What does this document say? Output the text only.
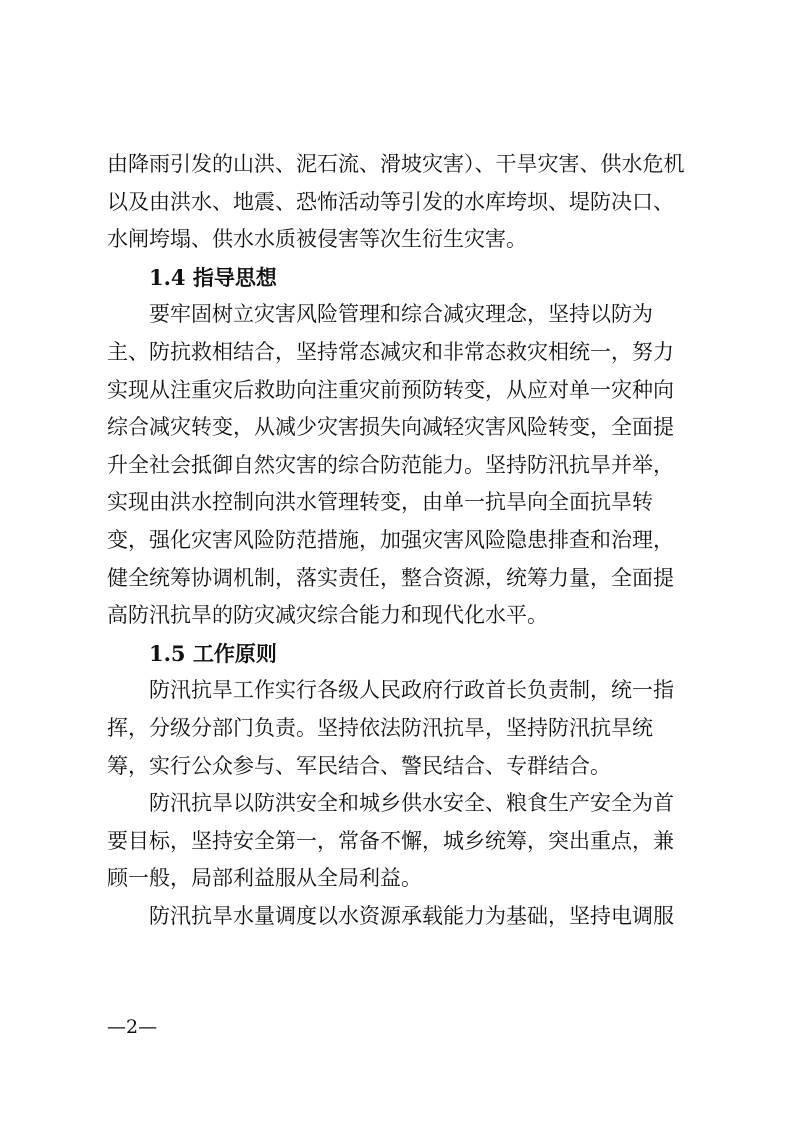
由降雨引发的山洪、泥石流、滑坡灾害）、干旱灾害、供水危机以及由洪水、地震、恐怖活动等引发的水库垮坝、堤防决口、水闸垮塌、供水水质被侵害等次生衍生灾害。

1.4 指导思想

要牢固树立灾害风险管理和综合减灾理念，坚持以防为主、防抗救相结合，坚持常态减灾和非常态救灾相统一，努力实现从注重灾后救助向注重灾前预防转变，从应对单一灾种向综合减灾转变，从减少灾害损失向减轻灾害风险转变，全面提升全社会抵御自然灾害的综合防范能力。坚持防汛抗旱并举，实现由洪水控制向洪水管理转变，由单一抗旱向全面抗旱转变，强化灾害风险防范措施，加强灾害风险隐患排查和治理，健全统筹协调机制，落实责任，整合资源，统筹力量，全面提高防汛抗旱的防灾减灾综合能力和现代化水平。

1.5 工作原则

防汛抗旱工作实行各级人民政府行政首长负责制，统一指挥，分级分部门负责。坚持依法防汛抗旱，坚持防汛抗旱统筹，实行公众参与、军民结合、警民结合、专群结合。

防汛抗旱以防洪安全和城乡供水安全、粮食生产安全为首要目标，坚持安全第一，常备不懈，城乡统筹，突出重点，兼顾一般，局部利益服从全局利益。

防汛抗旱水量调度以水资源承载能力为基础，坚持电调服

—2—
